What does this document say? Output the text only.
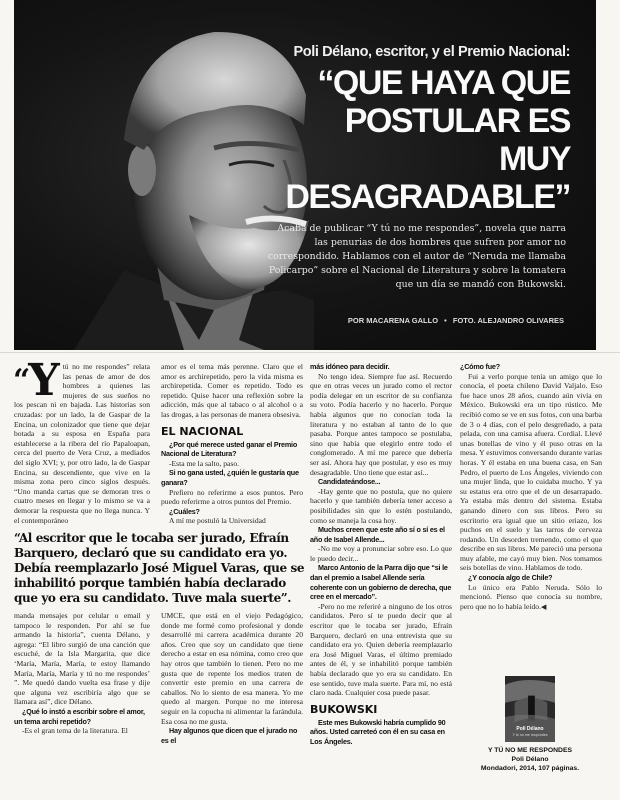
Poli Délano, escritor, y el Premio Nacional:
“QUE HAYA QUE
POSTULAR ES MUY
DESAGRADABLE”

Acaba de publicar “Y tú no me respondes”, novela que narra las penurias de dos hombres que sufren por amor no correspondido. Hablamos con el autor de “Neruda me llamaba Policarpo” sobre el Nacional de Literatura y sobre la tomatera que un día se mandó con Bukowski.

POR MACARENA GALLO • FOTO. ALEJANDRO OLIVARES

“Y tú no me respondes” relata las penas de amor de dos hombres a quienes las mujeres de sus sueños no los pescan ni en bajada. Las historias son cruzadas: por un lado, la de Gaspar de la Encina, un colonizador que tiene que dejar botada a su esposa en España para establecerse a la ribera del río Papaloapan, cerca del puerto de Vera Cruz, a mediados del siglo XVI; y, por otro lado, la de Gaspar Encina, su descendiente, que vive en la misma zona pero cinco siglos después. “Uno manda cartas que se demoran tres o cuatro meses en llegar y lo mismo se va a demorar la respuesta que no llega nunca. Y el contemporáneo

“Al escritor que le tocaba ser jurado, Efraín Barquero, declaró que su candidato era yo. Debía reemplazarlo José Miguel Varas, que se inhabilitó porque también había declarado que yo era su candidato. Tuve mala suerte”.

manda mensajes por celular o email y tampoco le responden. Por ahí se fue armando la historia”, cuenta Délano, y agrega: “El libro surgió de una canción que escuché, de la Isla Margarita, que dice ‘María, María, María, te estoy llamando María, María, María y tú no me respondes’ ”. Me quedó dando vuelta esa frase y dije que alguna vez escribiría algo que se llamara así”, dice Délano.

¿Qué lo instó a escribir sobre el amor, un tema archi repetido?

-Es el gran tema de la literatura. El

amor es el tema más perenne. Claro que el amor es archirepetido, pero la vida misma es archirepetida. Comer es repetido. Todo es repetido. Quise hacer una reflexión sobre la adicción, más que al tabaco o al alcohol o a las drogas, a las personas de manera obsesiva.

EL NACIONAL
¿Por qué merece usted ganar el Premio Nacional de Literatura?

-Esta me la salto, paso.

Si no gana usted, ¿quién le gustaría que ganara?

Prefiero no referirme a esos puntos. Pero puedo referirme a otros puntos del Premio.

¿Cuáles?

A mí me postuló la Universidad

UMCE, que está en el viejo Pedagógico, donde me formé como profesional y donde desarrollé mi carrera académica durante 20 años. Creo que soy un candidato que tiene derecho a estar en esa nómina, como creo que hay otros que también lo tienen. Pero no me gusta que de repente los medios traten de convertir este premio en una carrera de caballos. No lo siento de esa manera. Yo me quedo al margen. Porque no me interesa seguir en la copucha ni alimentar la farándula. Esa cosa no me gusta.

Hay algunos que dicen que el jurado no es el
más idóneo para decidir.

No tengo idea. Siempre fue así. Recuerdo que en otras veces un jurado como el rector podía delegar en un escritor de su confianza su voto. Podía hacerlo y no hacerlo. Porque había algunos que no conocían toda la literatura y no estaban al tanto de lo que pasaba. Porque antes tampoco se postulaba, sino que había que elegirlo entre todo el conglomerado. A mí me parece que debería ser así. Ahora hay que postular, y eso es muy desagradable. Uno tiene que estar así...

Candidateándose...

-Hay gente que no postula, que no quiere hacerlo y que también debería tener acceso a posibilidades sin que lo estén postulando, como se maneja la cosa hoy.

Muchos creen que este año sí o sí es el año de Isabel Allende...

-No me voy a pronunciar sobre eso. Lo que le puedo decir...

Marco Antonio de la Parra dijo que “si le dan el premio a Isabel Allende sería coherente con un gobierno de derecha, que cree en el mercado”.

-Pero no me referiré a ninguno de los otros candidatos. Pero sí te puedo decir que al escritor que le tocaba ser jurado, Efraín Barquero, declaró en una entrevista que su candidato era yo. Quien debería reemplazarlo era José Miguel Varas, el último premiado antes de él, y se inhabilitó porque también había declarado que yo era su candidato. En ese sentido, tuve mala suerte. Para mí, no está claro nada. Cualquier cosa puede pasar.

BUKOWSKI
Este mes Bukowski habría cumplido 90 años. Usted carreteó con él en su casa en Los Ángeles.
¿Cómo fue?

Fui a verlo porque tenía un amigo que lo conocía, el poeta chileno David Valjalo. Eso fue hace unos 28 años, cuando aún vivía en México. Bukowski era un tipo rústico. Me recibió como se ve en sus fotos, con una barba de 3 o 4 días, con el pelo desgreñado, a pata pelada, con una camisa afuera. Cordial. Llevé unas botellas de vino y él puso otras en la mesa. Y estuvimos conversando durante varias horas. Y él estaba en una buena casa, en San Pedro, el puerto de Los Ángeles, viviendo con una mujer linda, que lo cuidaba mucho. Y ya su estatus era otro que el de un desarrapado. Ya estaba más dentro del sistema. Estaba ganando dinero con sus libros. Pero su escritorio era igual que un sitio eriazo, los puchos en el suelo y las tarros de cerveza rodando. Un desorden tremendo, como el que describe en sus libros. Me pareció una persona muy afable, me cayó muy bien. Nos tomamos seis botellas de vino. Hablamos de todo.

¿Y conocía algo de Chile?

Lo único era Pablo Neruda. Sólo lo mencionó. Pienso que conocía su nombre, pero que no lo había leído.◀

Poli Délano
Y tú no me respondes
Y TÚ NO ME RESPONDES
Poli Délano
Mondadori, 2014, 107 páginas.
